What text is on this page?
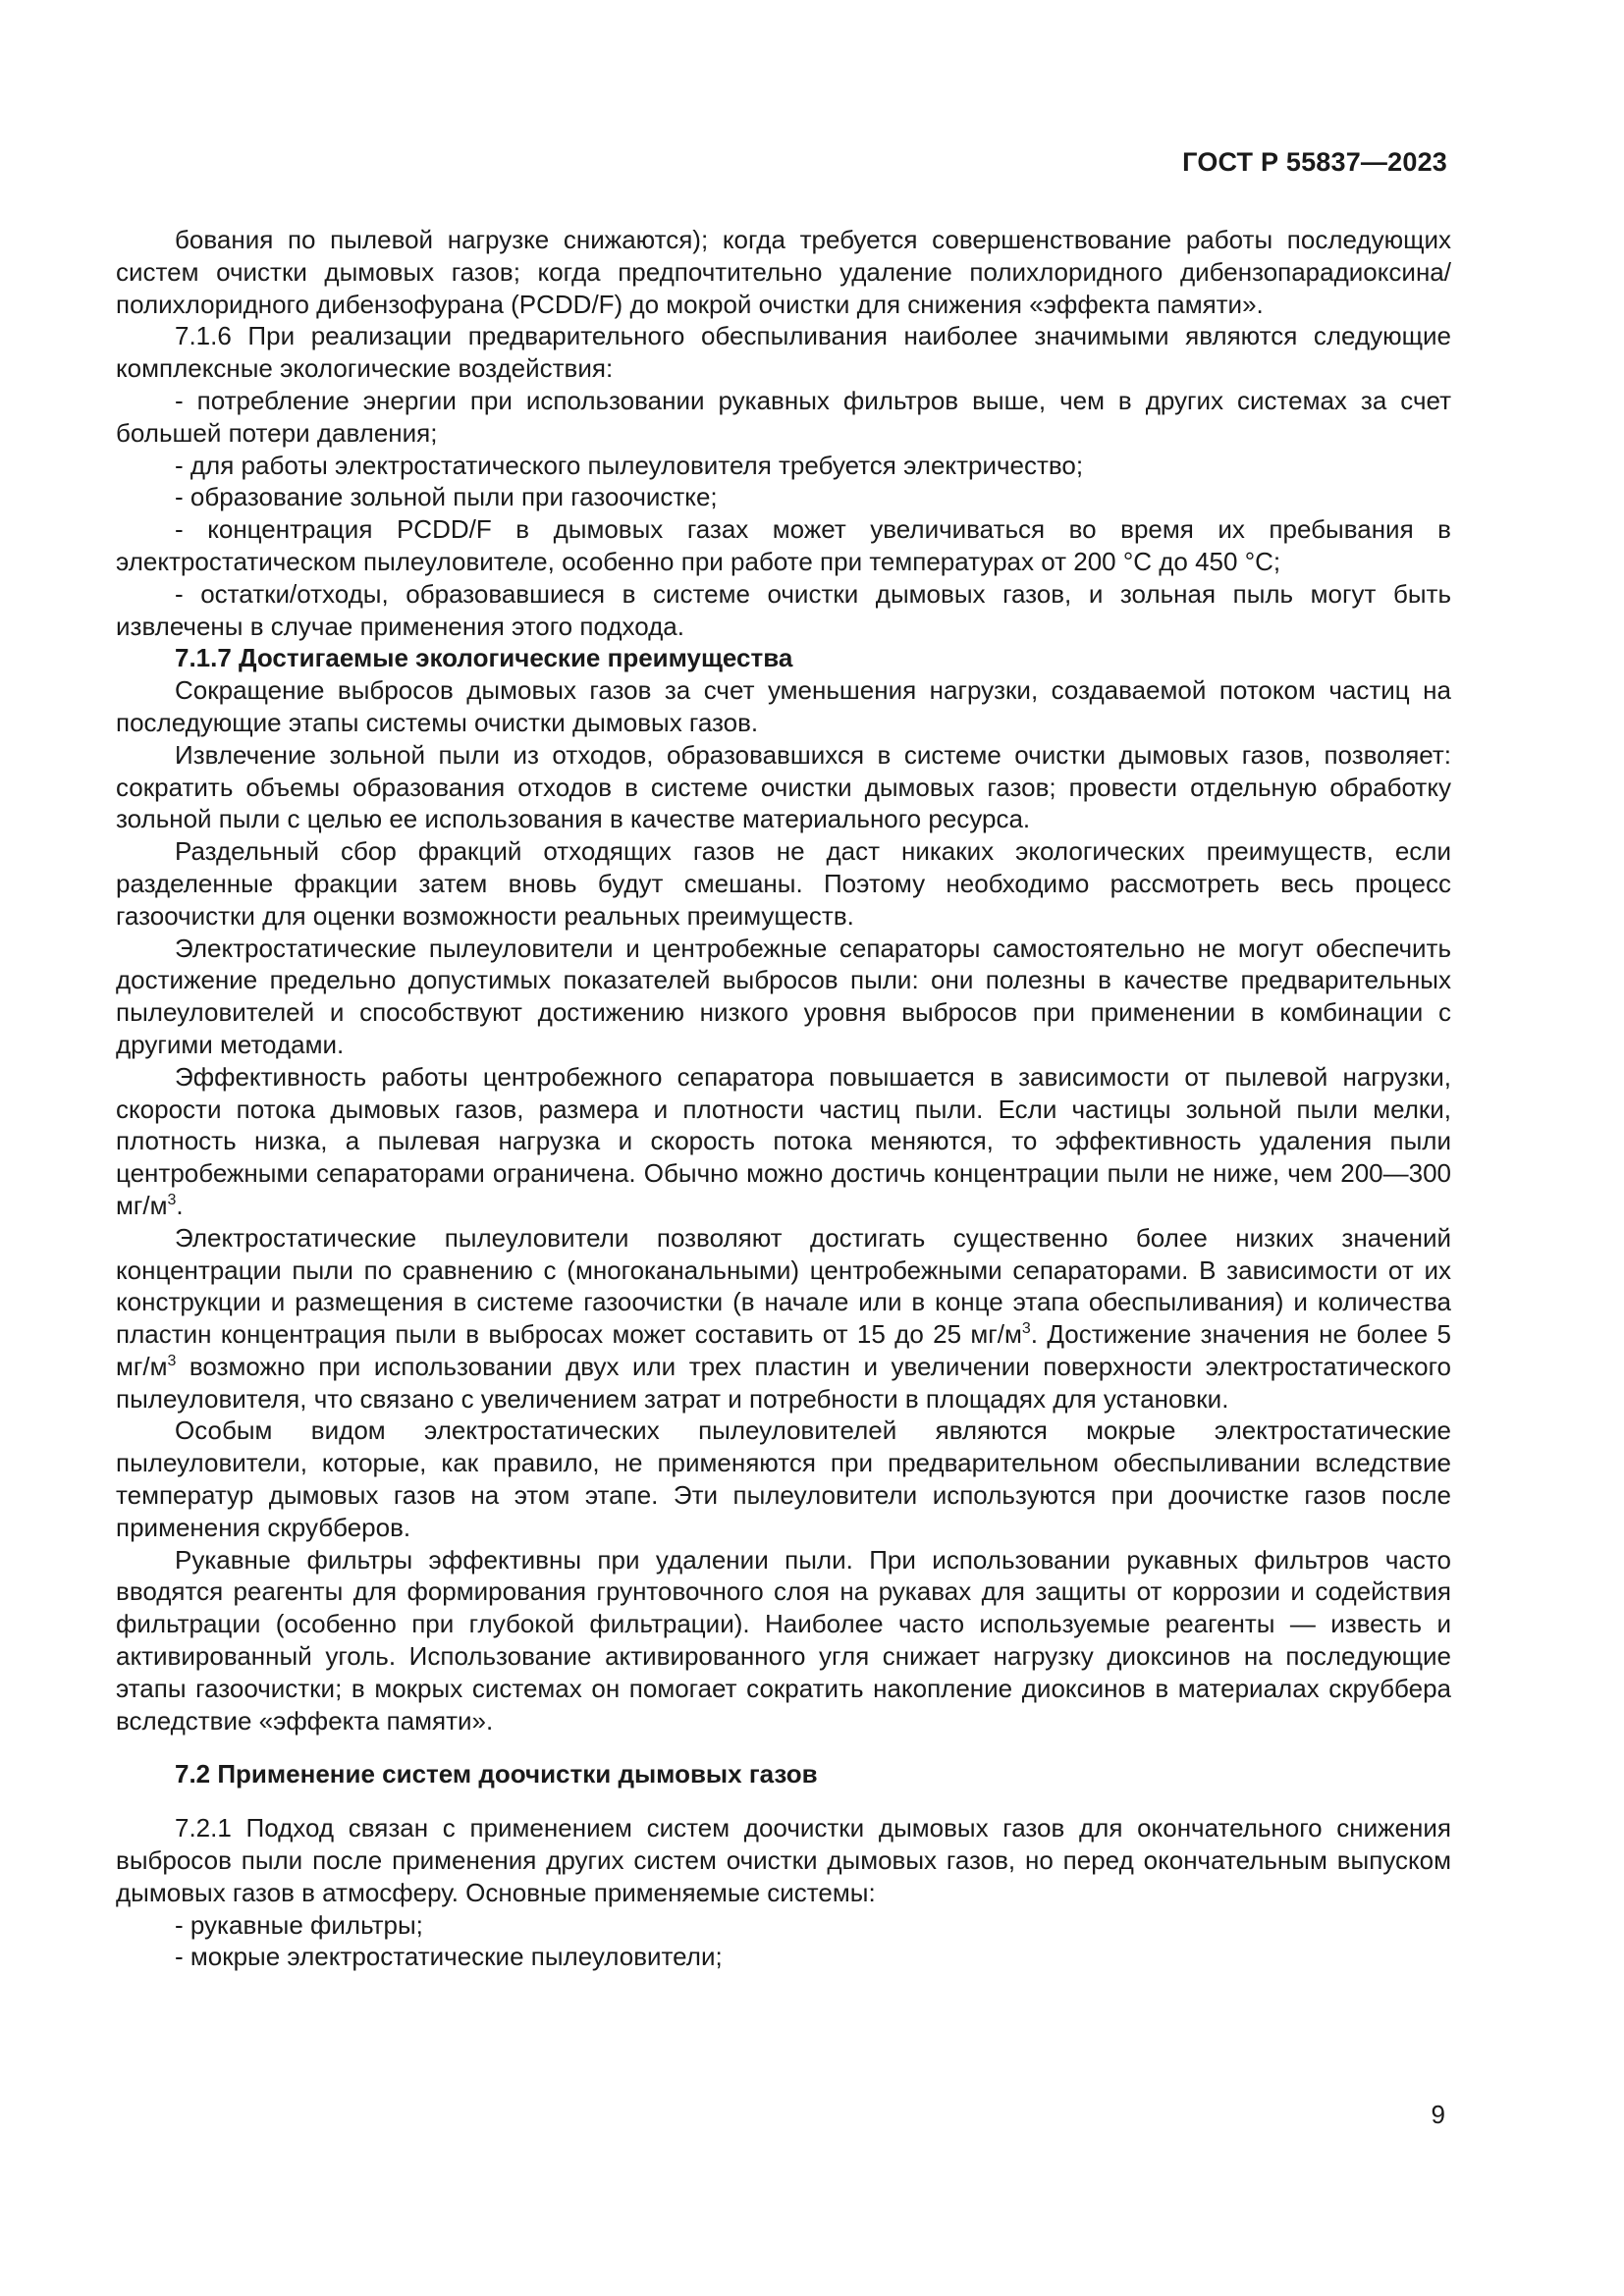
ГОСТ Р 55837—2023

бования по пылевой нагрузке снижаются); когда требуется совершенствование работы последующих систем очистки дымовых газов; когда предпочтительно удаление полихлоридного дибензопарадиоксина/полихлоридного дибензофурана (PCDD/F) до мокрой очистки для снижения «эффекта памяти».

7.1.6 При реализации предварительного обеспыливания наиболее значимыми являются следующие комплексные экологические воздействия:

- потребление энергии при использовании рукавных фильтров выше, чем в других системах за счет большей потери давления;

- для работы электростатического пылеуловителя требуется электричество;

- образование зольной пыли при газоочистке;

- концентрация PCDD/F в дымовых газах может увеличиваться во время их пребывания в электростатическом пылеуловителе, особенно при работе при температурах от 200 °C до 450 °C;

- остатки/отходы, образовавшиеся в системе очистки дымовых газов, и зольная пыль могут быть извлечены в случае применения этого подхода.

7.1.7 Достигаемые экологические преимущества

Сокращение выбросов дымовых газов за счет уменьшения нагрузки, создаваемой потоком частиц на последующие этапы системы очистки дымовых газов.

Извлечение зольной пыли из отходов, образовавшихся в системе очистки дымовых газов, позволяет: сократить объемы образования отходов в системе очистки дымовых газов; провести отдельную обработку зольной пыли с целью ее использования в качестве материального ресурса.

Раздельный сбор фракций отходящих газов не даст никаких экологических преимуществ, если разделенные фракции затем вновь будут смешаны. Поэтому необходимо рассмотреть весь процесс газоочистки для оценки возможности реальных преимуществ.

Электростатические пылеуловители и центробежные сепараторы самостоятельно не могут обеспечить достижение предельно допустимых показателей выбросов пыли: они полезны в качестве предварительных пылеуловителей и способствуют достижению низкого уровня выбросов при применении в комбинации с другими методами.

Эффективность работы центробежного сепаратора повышается в зависимости от пылевой нагрузки, скорости потока дымовых газов, размера и плотности частиц пыли. Если частицы зольной пыли мелки, плотность низка, а пылевая нагрузка и скорость потока меняются, то эффективность удаления пыли центробежными сепараторами ограничена. Обычно можно достичь концентрации пыли не ниже, чем 200—300 $мг/м^3$.

Электростатические пылеуловители позволяют достигать существенно более низких значений концентрации пыли по сравнению с (многоканальными) центробежными сепараторами. В зависимости от их конструкции и размещения в системе газоочистки (в начале или в конце этапа обеспыливания) и количества пластин концентрация пыли в выбросах может составить от 15 до 25 $мг/м^3$. Достижение значения не более 5 $мг/м^3$ возможно при использовании двух или трех пластин и увеличении поверхности электростатического пылеуловителя, что связано с увеличением затрат и потребности в площадях для установки.

Особым видом электростатических пылеуловителей являются мокрые электростатические пылеуловители, которые, как правило, не применяются при предварительном обеспыливании вследствие температур дымовых газов на этом этапе. Эти пылеуловители используются при доочистке газов после применения скрубберов.

Рукавные фильтры эффективны при удалении пыли. При использовании рукавных фильтров часто вводятся реагенты для формирования грунтовочного слоя на рукавах для защиты от коррозии и содействия фильтрации (особенно при глубокой фильтрации). Наиболее часто используемые реагенты — известь и активированный уголь. Использование активированного угля снижает нагрузку диоксинов на последующие этапы газоочистки; в мокрых системах он помогает сократить накопление диоксинов в материалах скруббера вследствие «эффекта памяти».

7.2 Применение систем доочистки дымовых газов

7.2.1 Подход связан с применением систем доочистки дымовых газов для окончательного снижения выбросов пыли после применения других систем очистки дымовых газов, но перед окончательным выпуском дымовых газов в атмосферу. Основные применяемые системы:

- рукавные фильтры;

- мокрые электростатические пылеуловители;

9
